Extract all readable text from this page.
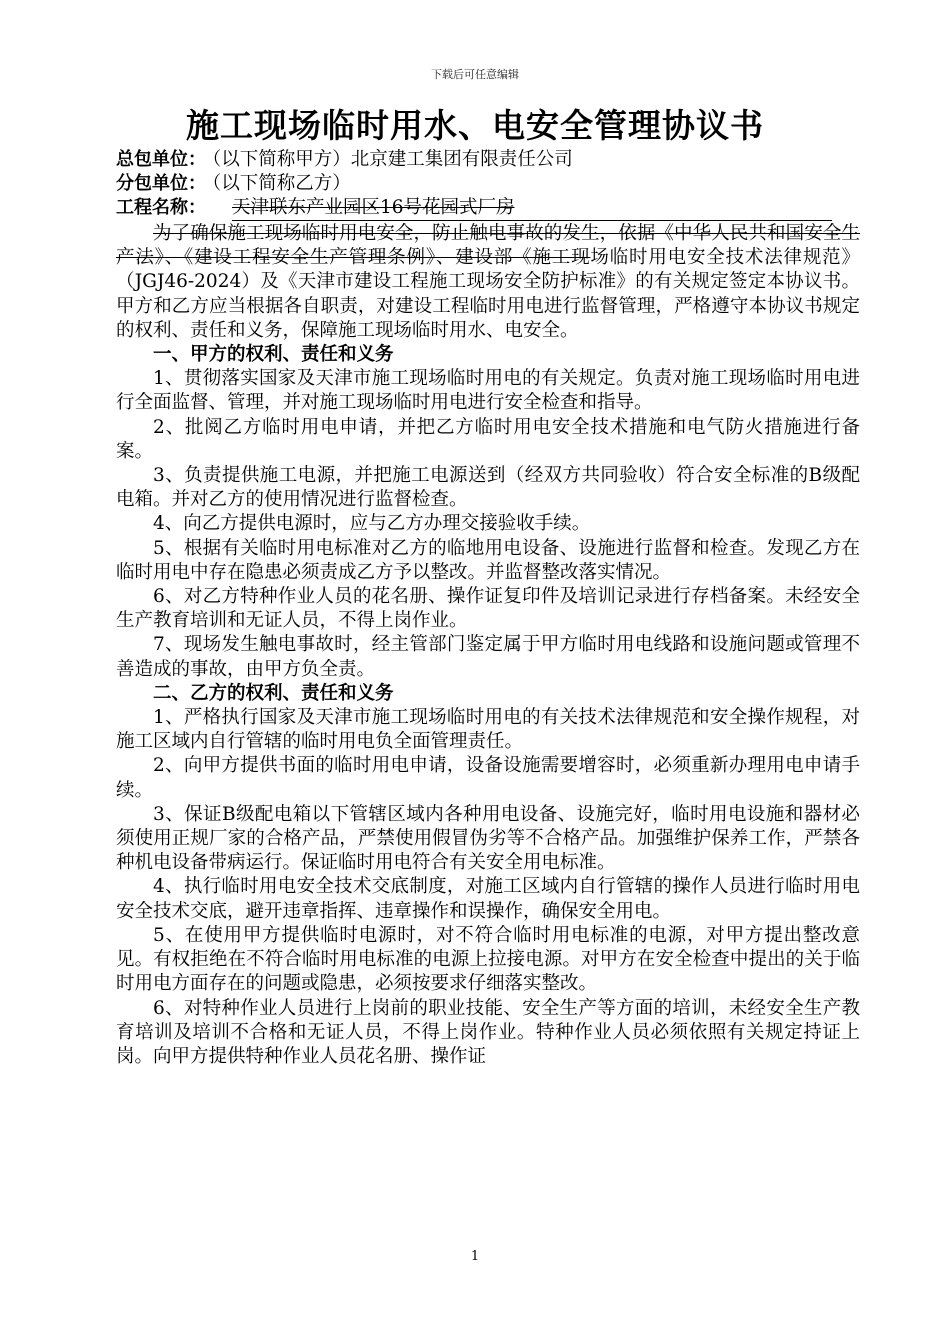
下载后可任意编辑
施工现场临时用水、电安全管理协议书
总包单位： （以下简称甲方）北京建工集团有限责任公司
分包单位： （以下简称乙方）
工程名称： 天津联东产业园区16号花园式厂房

为了确保施工现场临时用电安全，防止触电事故的发生，依据《中华人民共和国安全生产法》、《建设工程安全生产管理条例》、建设部《施工现场临时用电安全技术法律规范》（JGJ46-2024）及《天津市建设工程施工现场安全防护标准》的有关规定签定本协议书。甲方和乙方应当根据各自职责，对建设工程临时用电进行监督管理，严格遵守本协议书规定的权利、责任和义务，保障施工现场临时用水、电安全。

一、甲方的权利、责任和义务

1、贯彻落实国家及天津市施工现场临时用电的有关规定。负责对施工现场临时用电进行全面监督、管理，并对施工现场临时用电进行安全检查和指导。

2、批阅乙方临时用电申请，并把乙方临时用电安全技术措施和电气防火措施进行备案。

3、负责提供施工电源，并把施工电源送到（经双方共同验收）符合安全标准的B级配电箱。并对乙方的使用情况进行监督检查。

4、向乙方提供电源时，应与乙方办理交接验收手续。

5、根据有关临时用电标准对乙方的临地用电设备、设施进行监督和检查。发现乙方在临时用电中存在隐患必须责成乙方予以整改。并监督整改落实情况。

6、对乙方特种作业人员的花名册、操作证复印件及培训记录进行存档备案。未经安全生产教育培训和无证人员，不得上岗作业。

7、现场发生触电事故时，经主管部门鉴定属于甲方临时用电线路和设施问题或管理不善造成的事故，由甲方负全责。

二、乙方的权利、责任和义务

1、严格执行国家及天津市施工现场临时用电的有关技术法律规范和安全操作规程，对施工区域内自行管辖的临时用电负全面管理责任。

2、向甲方提供书面的临时用电申请，设备设施需要增容时，必须重新办理用电申请手续。

3、保证B级配电箱以下管辖区域内各种用电设备、设施完好，临时用电设施和器材必须使用正规厂家的合格产品，严禁使用假冒伪劣等不合格产品。加强维护保养工作，严禁各种机电设备带病运行。保证临时用电符合有关安全用电标准。

4、执行临时用电安全技术交底制度，对施工区域内自行管辖的操作人员进行临时用电安全技术交底，避开违章指挥、违章操作和误操作，确保安全用电。

5、在使用甲方提供临时电源时，对不符合临时用电标准的电源，对甲方提出整改意见。有权拒绝在不符合临时用电标准的电源上拉接电源。对甲方在安全检查中提出的关于临时用电方面存在的问题或隐患，必须按要求仔细落实整改。

6、对特种作业人员进行上岗前的职业技能、安全生产等方面的培训，未经安全生产教育培训及培训不合格和无证人员，不得上岗作业。特种作业人员必须依照有关规定持证上岗。向甲方提供特种作业人员花名册、操作证

1
